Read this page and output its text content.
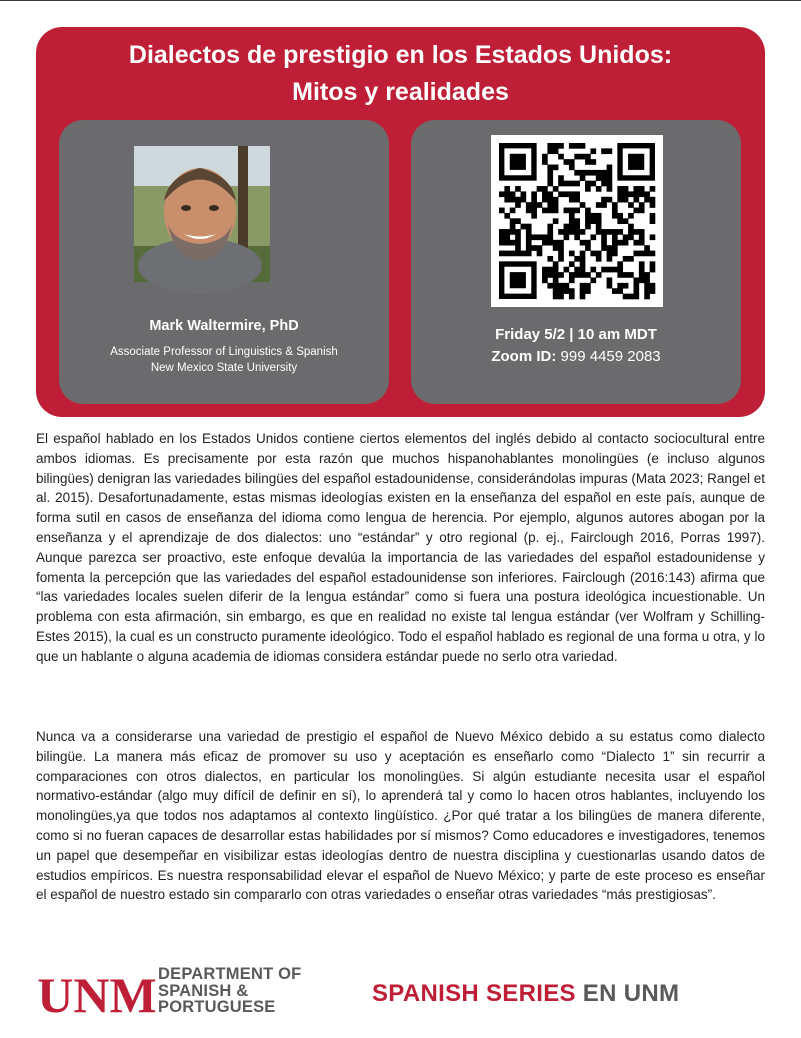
Dialectos de prestigio en los Estados Unidos:
Mitos y realidades
Mark Waltermire, PhD
Associate Professor of Linguistics & Spanish
New Mexico State University
Friday 5/2 | 10 am MDT
Zoom ID: 999 4459 2083

El español hablado en los Estados Unidos contiene ciertos elementos del inglés debido al contacto sociocultural entre ambos idiomas. Es precisamente por esta razón que muchos hispanohablantes monolingües (e incluso algunos bilingües) denigran las variedades bilingües del español estadounidense, considerándolas impuras (Mata 2023; Rangel et al. 2015). Desafortunadamente, estas mismas ideologías existen en la enseñanza del español en este país, aunque de forma sutil en casos de enseñanza del idioma como lengua de herencia. Por ejemplo, algunos autores abogan por la enseñanza y el aprendizaje de dos dialectos: uno “estándar” y otro regional (p. ej., Fairclough 2016, Porras 1997). Aunque parezca ser proactivo, este enfoque devalúa la importancia de las variedades del español estadounidense y fomenta la percepción que las variedades del español estadounidense son inferiores. Fairclough (2016:143) afirma que “las variedades locales suelen diferir de la lengua estándar” como si fuera una postura ideológica incuestionable. Un problema con esta afirmación, sin embargo, es que en realidad no existe tal lengua estándar (ver Wolfram y Schilling-Estes 2015), la cual es un constructo puramente ideológico. Todo el español hablado es regional de una forma u otra, y lo que un hablante o alguna academia de idiomas considera estándar puede no serlo otra variedad.

Nunca va a considerarse una variedad de prestigio el español de Nuevo México debido a su estatus como dialecto bilingüe. La manera más eficaz de promover su uso y aceptación es enseñarlo como “Dialecto 1” sin recurrir a comparaciones con otros dialectos, en particular los monolingües. Si algún estudiante necesita usar el español normativo-estándar (algo muy difícil de definir en sí), lo aprenderá tal y como lo hacen otros hablantes, incluyendo los monolingües,ya que todos nos adaptamos al contexto lingüístico. ¿Por qué tratar a los bilingües de manera diferente, como si no fueran capaces de desarrollar estas habilidades por sí mismos? Como educadores e investigadores, tenemos un papel que desempeñar en visibilizar estas ideologías dentro de nuestra disciplina y cuestionarlas usando datos de estudios empíricos. Es nuestra responsabilidad elevar el español de Nuevo México; y parte de este proceso es enseñar el español de nuestro estado sin compararlo con otras variedades o enseñar otras variedades “más prestigiosas”.

UNM DEPARTMENT OF
SPANISH &
PORTUGUESE	SPANISH SERIES EN UNM
